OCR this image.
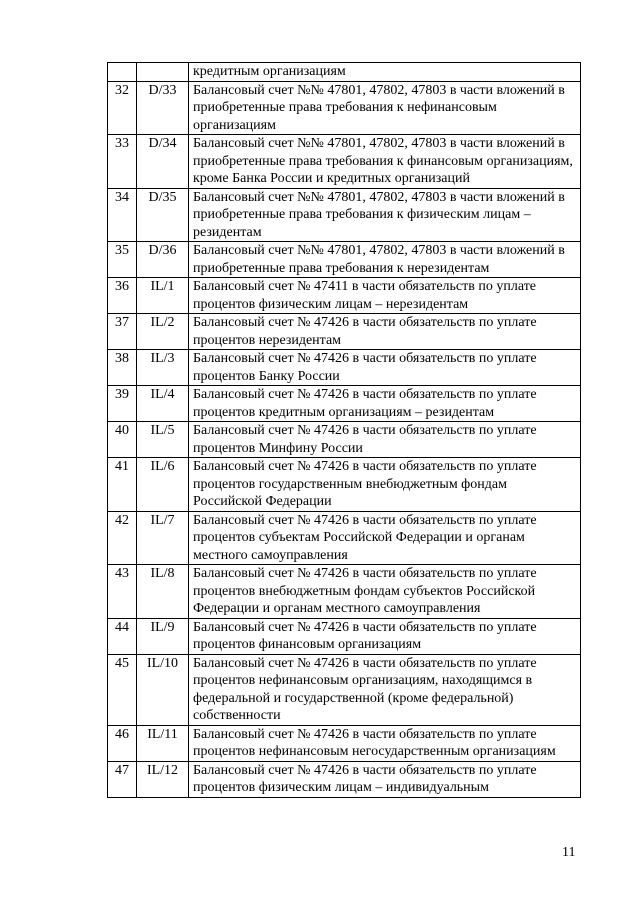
		кредитным организациям
32	D/33	Балансовый счет №№ 47801, 47802, 47803 в части вложений в приобретенные права требования к нефинансовым организациям
33	D/34	Балансовый счет №№ 47801, 47802, 47803 в части вложений в приобретенные права требования к финансовым организациям, кроме Банка России и кредитных организаций
34	D/35	Балансовый счет №№ 47801, 47802, 47803 в части вложений в приобретенные права требования к физическим лицам – резидентам
35	D/36	Балансовый счет №№ 47801, 47802, 47803 в части вложений в приобретенные права требования к нерезидентам
36	IL/1	Балансовый счет № 47411 в части обязательств по уплате процентов физическим лицам – нерезидентам
37	IL/2	Балансовый счет № 47426 в части обязательств по уплате процентов нерезидентам
38	IL/3	Балансовый счет № 47426 в части обязательств по уплате процентов Банку России
39	IL/4	Балансовый счет № 47426 в части обязательств по уплате процентов кредитным организациям – резидентам
40	IL/5	Балансовый счет № 47426 в части обязательств по уплате процентов Минфину России
41	IL/6	Балансовый счет № 47426 в части обязательств по уплате процентов государственным внебюджетным фондам Российской Федерации
42	IL/7	Балансовый счет № 47426 в части обязательств по уплате процентов субъектам Российской Федерации и органам местного самоуправления
43	IL/8	Балансовый счет № 47426 в части обязательств по уплате процентов внебюджетным фондам субъектов Российской Федерации и органам местного самоуправления
44	IL/9	Балансовый счет № 47426 в части обязательств по уплате процентов финансовым организациям
45	IL/10	Балансовый счет № 47426 в части обязательств по уплате процентов нефинансовым организациям, находящимся в федеральной и государственной (кроме федеральной) собственности
46	IL/11	Балансовый счет № 47426 в части обязательств по уплате процентов нефинансовым негосударственным организациям
47	IL/12	Балансовый счет № 47426 в части обязательств по уплате процентов физическим лицам – индивидуальным
11
